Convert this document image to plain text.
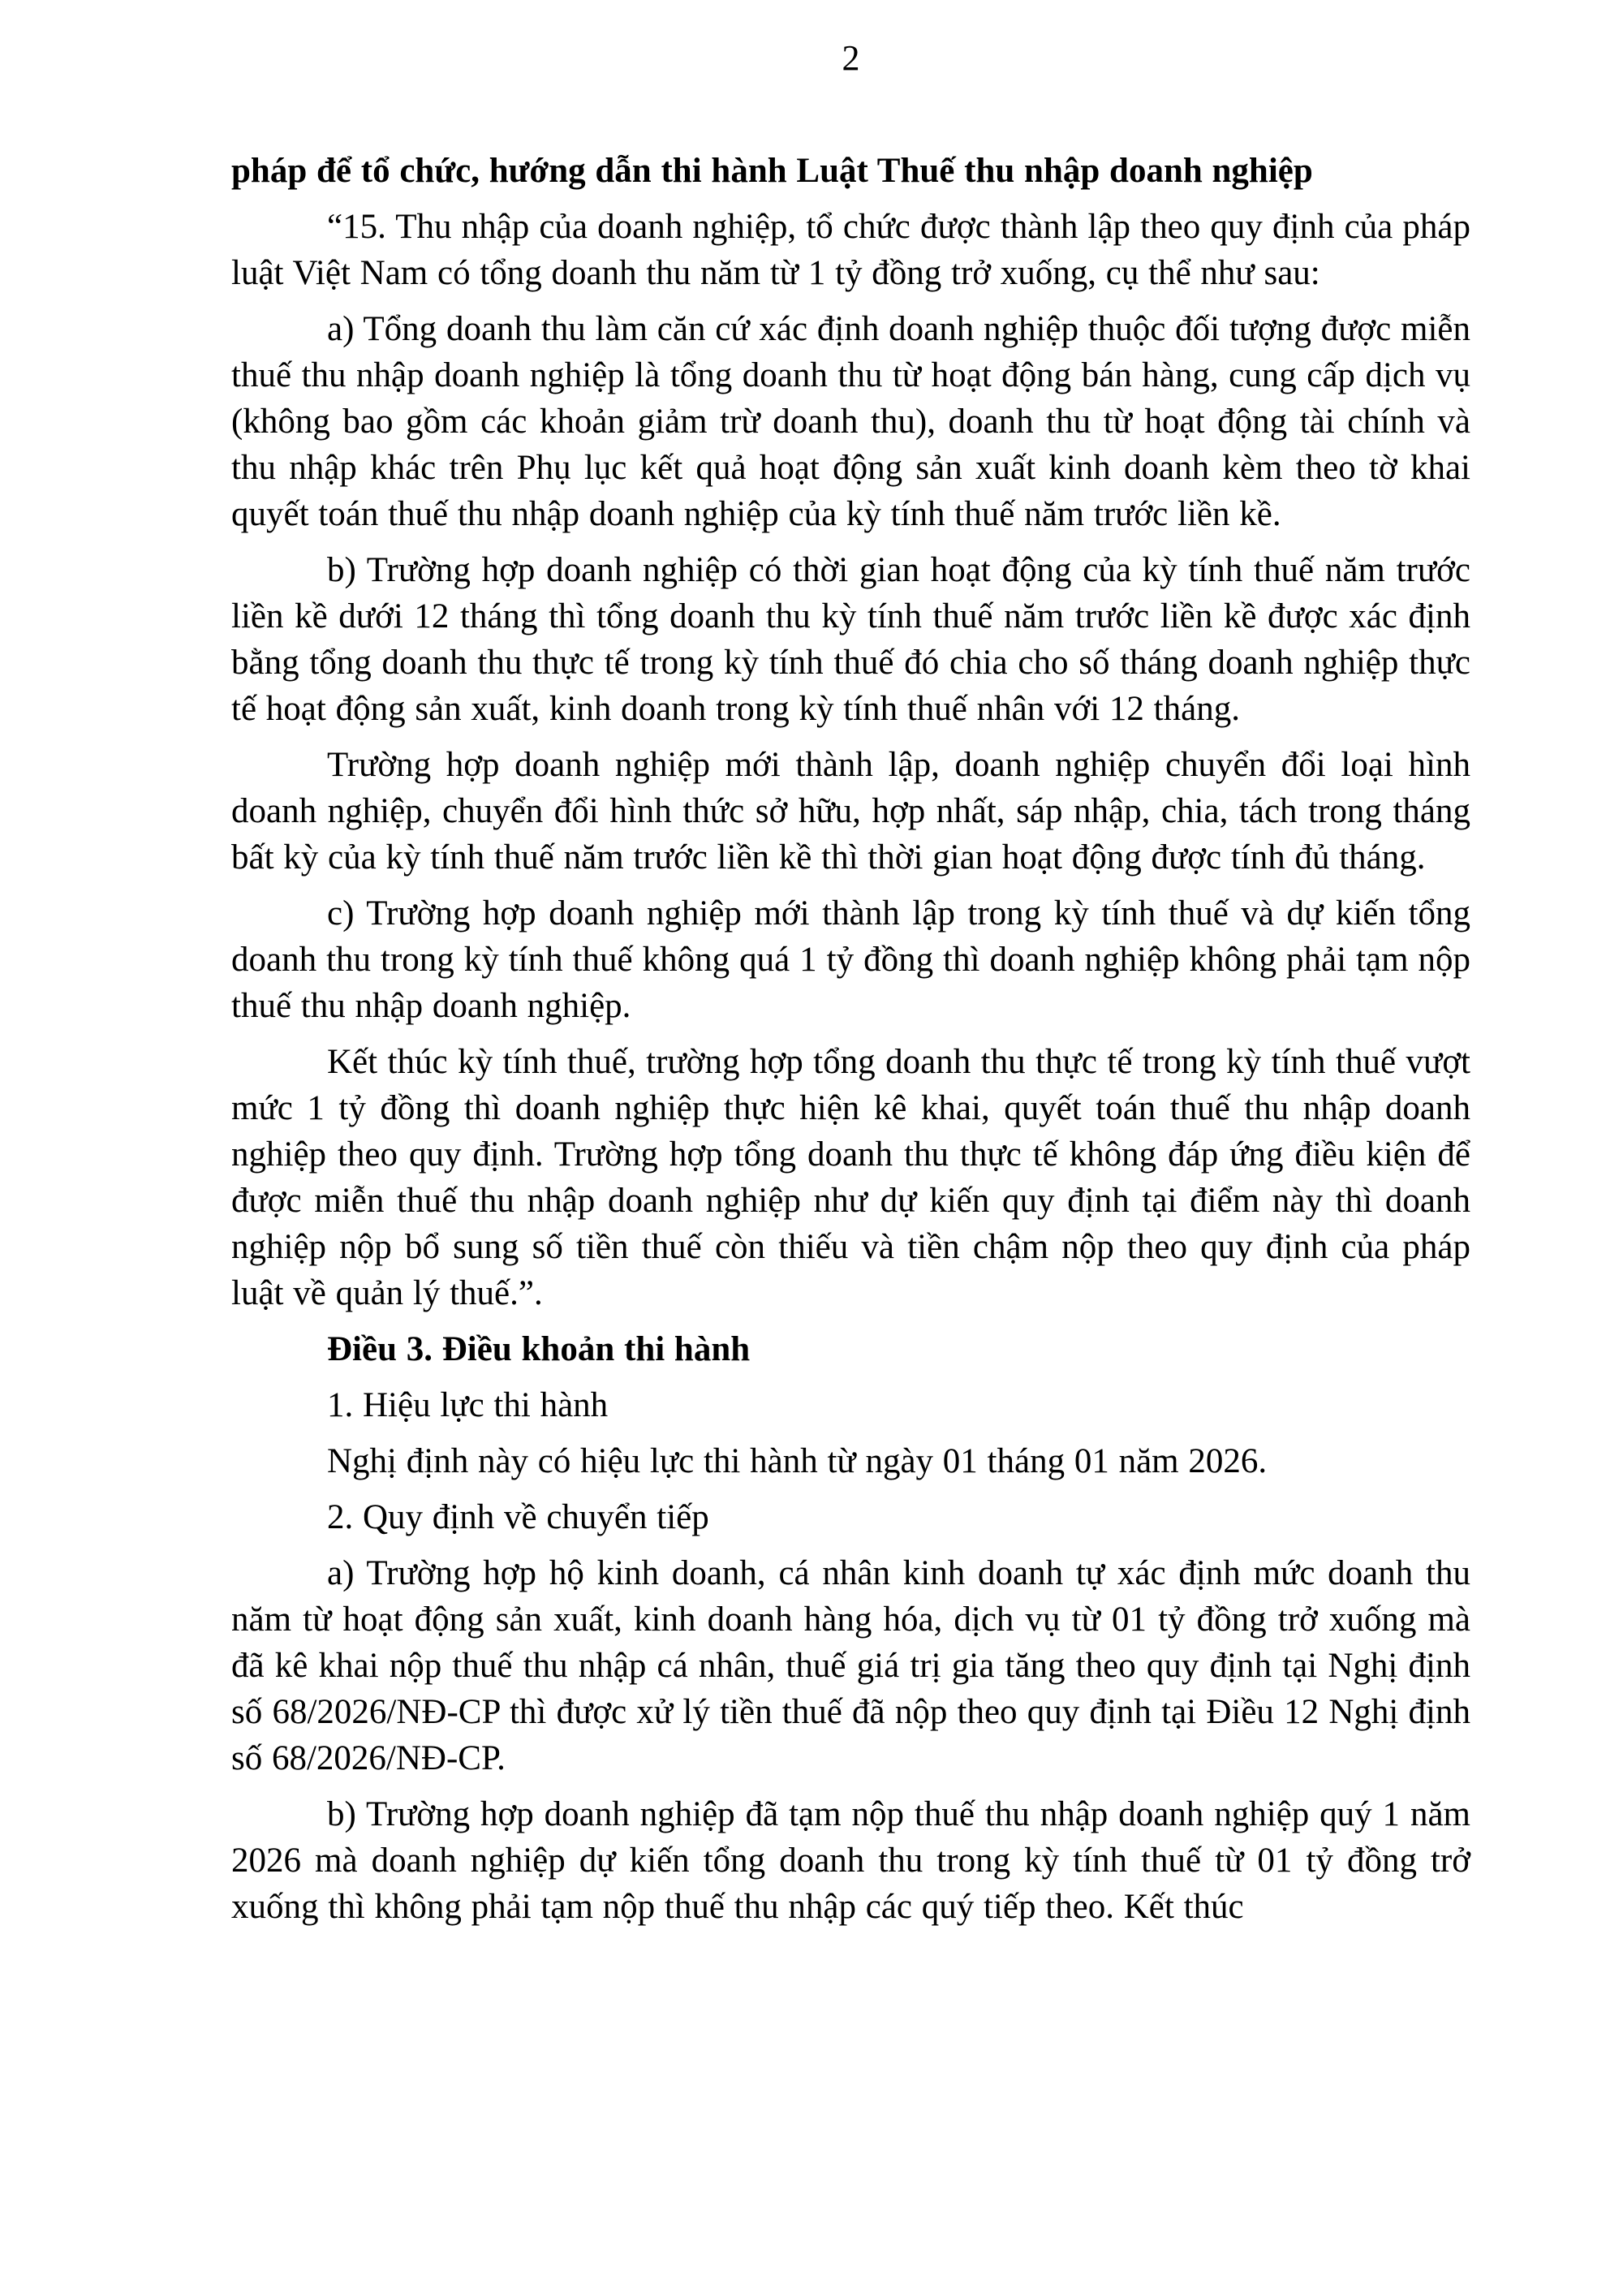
2

pháp để tổ chức, hướng dẫn thi hành Luật Thuế thu nhập doanh nghiệp

“15. Thu nhập của doanh nghiệp, tổ chức được thành lập theo quy định của pháp luật Việt Nam có tổng doanh thu năm từ 1 tỷ đồng trở xuống, cụ thể như sau:

a) Tổng doanh thu làm căn cứ xác định doanh nghiệp thuộc đối tượng được miễn thuế thu nhập doanh nghiệp là tổng doanh thu từ hoạt động bán hàng, cung cấp dịch vụ (không bao gồm các khoản giảm trừ doanh thu), doanh thu từ hoạt động tài chính và thu nhập khác trên Phụ lục kết quả hoạt động sản xuất kinh doanh kèm theo tờ khai quyết toán thuế thu nhập doanh nghiệp của kỳ tính thuế năm trước liền kề.

b) Trường hợp doanh nghiệp có thời gian hoạt động của kỳ tính thuế năm trước liền kề dưới 12 tháng thì tổng doanh thu kỳ tính thuế năm trước liền kề được xác định bằng tổng doanh thu thực tế trong kỳ tính thuế đó chia cho số tháng doanh nghiệp thực tế hoạt động sản xuất, kinh doanh trong kỳ tính thuế nhân với 12 tháng.

Trường hợp doanh nghiệp mới thành lập, doanh nghiệp chuyển đổi loại hình doanh nghiệp, chuyển đổi hình thức sở hữu, hợp nhất, sáp nhập, chia, tách trong tháng bất kỳ của kỳ tính thuế năm trước liền kề thì thời gian hoạt động được tính đủ tháng.

c) Trường hợp doanh nghiệp mới thành lập trong kỳ tính thuế và dự kiến tổng doanh thu trong kỳ tính thuế không quá 1 tỷ đồng thì doanh nghiệp không phải tạm nộp thuế thu nhập doanh nghiệp.

Kết thúc kỳ tính thuế, trường hợp tổng doanh thu thực tế trong kỳ tính thuế vượt mức 1 tỷ đồng thì doanh nghiệp thực hiện kê khai, quyết toán thuế thu nhập doanh nghiệp theo quy định. Trường hợp tổng doanh thu thực tế không đáp ứng điều kiện để được miễn thuế thu nhập doanh nghiệp như dự kiến quy định tại điểm này thì doanh nghiệp nộp bổ sung số tiền thuế còn thiếu và tiền chậm nộp theo quy định của pháp luật về quản lý thuế.”.

Điều 3. Điều khoản thi hành

1. Hiệu lực thi hành

Nghị định này có hiệu lực thi hành từ ngày 01 tháng 01 năm 2026.

2. Quy định về chuyển tiếp

a) Trường hợp hộ kinh doanh, cá nhân kinh doanh tự xác định mức doanh thu năm từ hoạt động sản xuất, kinh doanh hàng hóa, dịch vụ từ 01 tỷ đồng trở xuống mà đã kê khai nộp thuế thu nhập cá nhân, thuế giá trị gia tăng theo quy định tại Nghị định số 68/2026/NĐ-CP thì được xử lý tiền thuế đã nộp theo quy định tại Điều 12 Nghị định số 68/2026/NĐ-CP.

b) Trường hợp doanh nghiệp đã tạm nộp thuế thu nhập doanh nghiệp quý 1 năm 2026 mà doanh nghiệp dự kiến tổng doanh thu trong kỳ tính thuế từ 01 tỷ đồng trở xuống thì không phải tạm nộp thuế thu nhập các quý tiếp theo. Kết thúc
